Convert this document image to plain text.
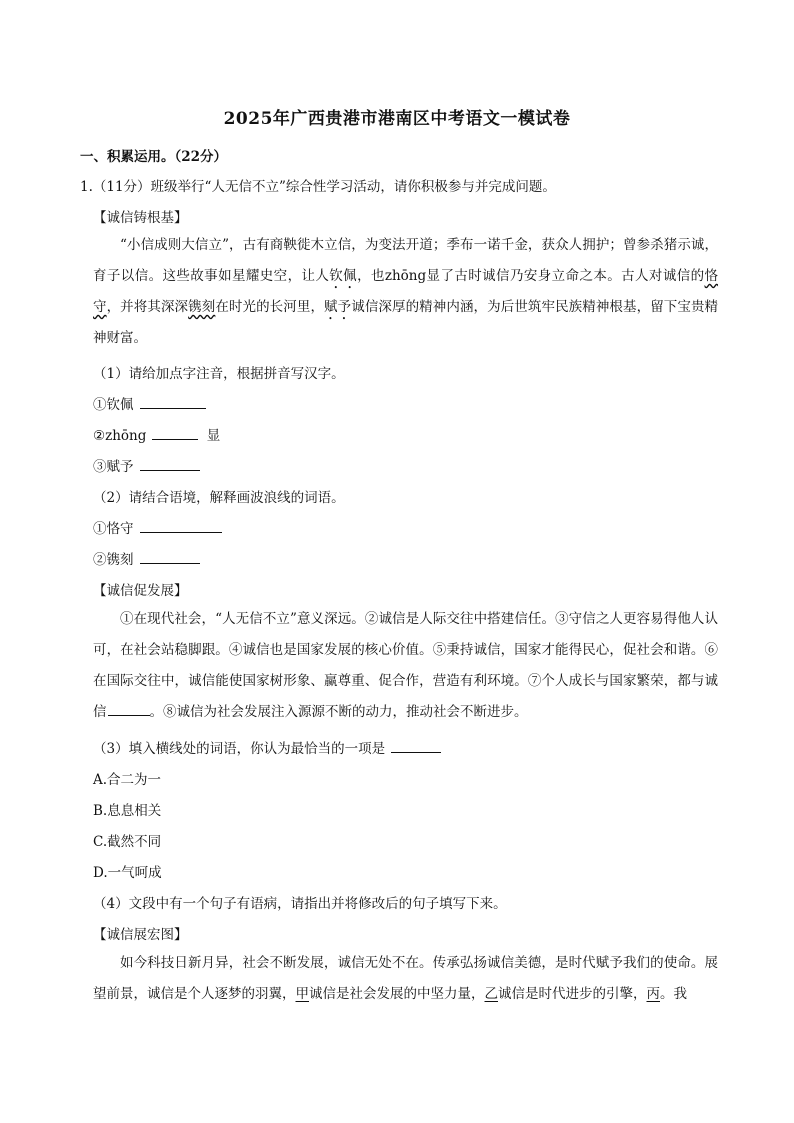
2025年广西贵港市港南区中考语文一模试卷
一、积累运用。（22分）
1.（11分）班级举行“人无信不立”综合性学习活动，请你积极参与并完成问题。
【诚信铸根基】
“小信成则大信立”，古有商鞅徙木立信，为变法开道；季布一诺千金，获众人拥护；曾参杀猪示诚，育子以信。这些故事如星耀史空，让人钦佩，也zhōng显了古时诚信乃安身立命之本。古人对诚信的恪守，并将其深深镌刻在时光的长河里，赋予诚信深厚的精神内涵，为后世筑牢民族精神根基，留下宝贵精神财富。
（1）请给加点字注音，根据拼音写汉字。
①钦佩
②zhōng	显
③赋予
（2）请结合语境，解释画波浪线的词语。
①恪守
②镌刻
【诚信促发展】
①在现代社会，“人无信不立”意义深远。②诚信是人际交往中搭建信任。③守信之人更容易得他人认可，在社会站稳脚跟。④诚信也是国家发展的核心价值。⑤秉持诚信，国家才能得民心，促社会和谐。⑥在国际交往中，诚信能使国家树形象、赢尊重、促合作，营造有利环境。⑦个人成长与国家繁荣，都与诚信	。⑧诚信为社会发展注入源源不断的动力，推动社会不断进步。
（3）填入横线处的词语，你认为最恰当的一项是
A.合二为一
B.息息相关
C.截然不同
D.一气呵成
（4）文段中有一个句子有语病，请指出并将修改后的句子填写下来。
【诚信展宏图】
如今科技日新月异，社会不断发展，诚信无处不在。传承弘扬诚信美德，是时代赋予我们的使命。展望前景，诚信是个人逐梦的羽翼，甲诚信是社会发展的中坚力量，乙诚信是时代进步的引擎，丙。我
